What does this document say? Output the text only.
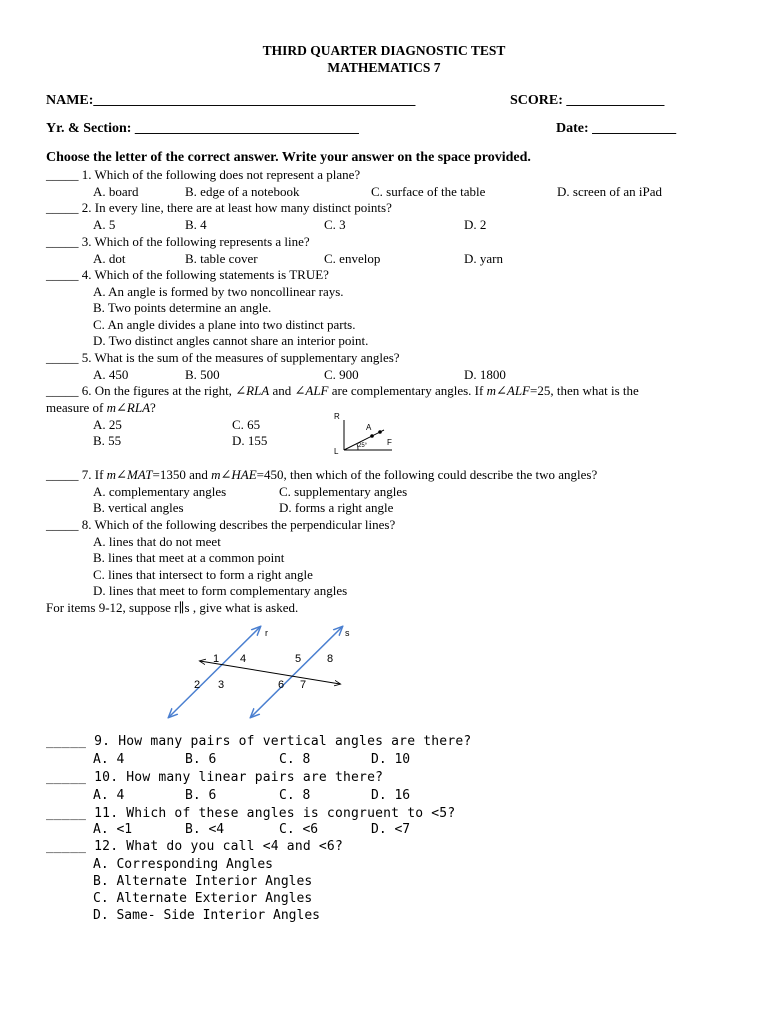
THIRD QUARTER DIAGNOSTIC TEST
MATHEMATICS 7
NAME:______________________________________________	SCORE: ______________
Yr. & Section: ________________________________	Date: ____________
Choose the letter of the correct answer. Write your answer on the space provided.
_____ 1. Which of the following does not represent a plane?
A. board	B. edge of a notebook	C. surface of the table	D. screen of an iPad
_____ 2. In every line, there are at least how many distinct points?
A. 5	B. 4	C. 3	D. 2
_____ 3. Which of the following represents a line?
A. dot	B. table cover	C. envelop	D. yarn
_____ 4. Which of the following statements is TRUE?
A. An angle is formed by two noncollinear rays.
B. Two points determine an angle.
C. An angle divides a plane into two distinct parts.
D. Two distinct angles cannot share an interior point.
_____ 5. What is the sum of the measures of supplementary angles?
A. 450	B. 500	C. 900	D. 1800
_____ 6. On the figures at the right, ∠RLA and ∠ALF are complementary angles. If m∠ALF=25, then what is the
measure of m∠RLA?
A. 25	C. 65
B. 55	D. 155
R
A
L
F
25°
_____ 7. If m∠MAT=1350 and m∠HAE=450, then which of the following could describe the two angles?
A. complementary angles	C. supplementary angles
B. vertical angles	D. forms a right angle
_____ 8. Which of the following describes the perpendicular lines?
A. lines that do not meet
B. lines that meet at a common point
C. lines that intersect to form a right angle
D. lines that meet to form complementary angles
For items 9-12, suppose r∥s , give what is asked.
r	s
1 4
2 3
5 8
6 7
_____ 9. How many pairs of vertical angles are there?
A. 4	B. 6	C. 8	D. 10
_____ 10. How many linear pairs are there?
A. 4	B. 6	C. 8	D. 16
_____ 11. Which of these angles is congruent to <5?
A. <1	B. <4	C. <6	D. <7
_____ 12. What do you call <4 and <6?
A. Corresponding Angles
B. Alternate Interior Angles
C. Alternate Exterior Angles
D. Same- Side Interior Angles
